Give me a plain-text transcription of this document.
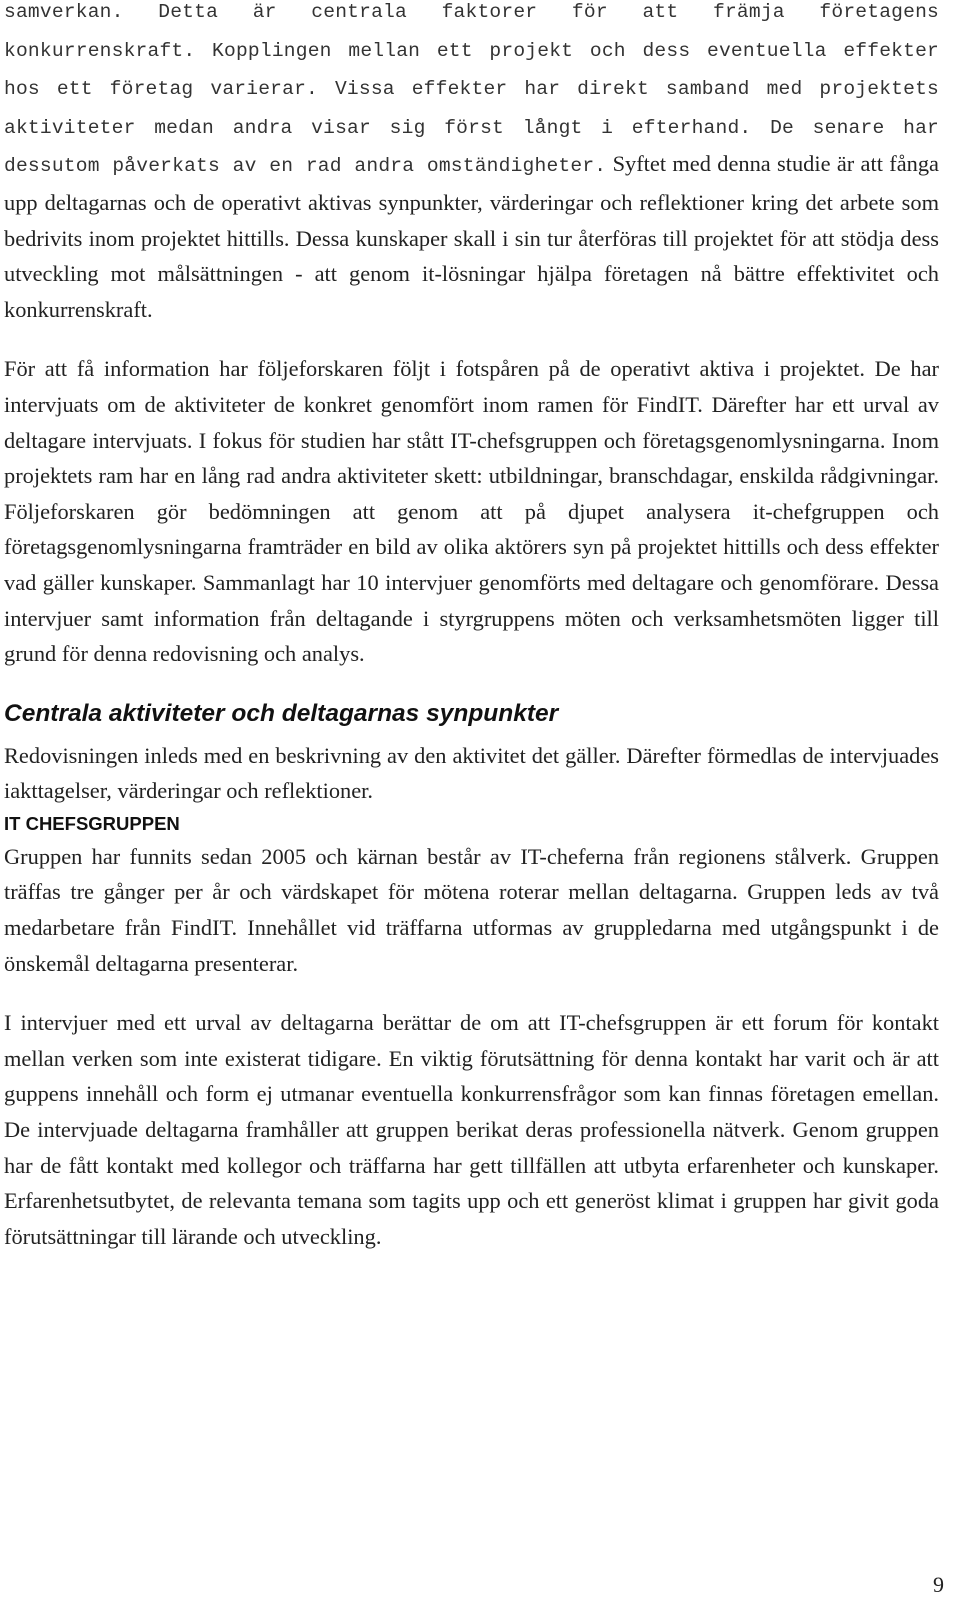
samverkan. Detta är centrala faktorer för att främja företagens konkurrenskraft. Kopplingen mellan ett projekt och dess eventuella effekter hos ett företag varierar. Vissa effekter har direkt samband med projektets aktiviteter medan andra visar sig först långt i efterhand. De senare har dessutom påverkats av en rad andra omständigheter. Syftet med denna studie är att fånga upp deltagarnas och de operativt aktivas synpunkter, värderingar och reflektioner kring det arbete som bedrivits inom projektet hittills. Dessa kunskaper skall i sin tur återföras till projektet för att stödja dess utveckling mot målsättningen - att genom it-lösningar hjälpa företagen nå bättre effektivitet och konkurrenskraft.

För att få information har följeforskaren följt i fotspåren på de operativt aktiva i projektet. De har intervjuats om de aktiviteter de konkret genomfört inom ramen för FindIT. Därefter har ett urval av deltagare intervjuats. I fokus för studien har stått IT-chefsgruppen och företagsgenomlysningarna. Inom projektets ram har en lång rad andra aktiviteter skett: utbildningar, branschdagar, enskilda rådgivningar. Följeforskaren gör bedömningen att genom att på djupet analysera it-chefgruppen och företagsgenomlysningarna framträder en bild av olika aktörers syn på projektet hittills och dess effekter vad gäller kunskaper. Sammanlagt har 10 intervjuer genomförts med deltagare och genomförare. Dessa intervjuer samt information från deltagande i styrgruppens möten och verksamhetsmöten ligger till grund för denna redovisning och analys.

Centrala aktiviteter och deltagarnas synpunkter

Redovisningen inleds med en beskrivning av den aktivitet det gäller. Därefter förmedlas de intervjuades iakttagelser, värderingar och reflektioner.

IT CHEFSGRUPPEN

Gruppen har funnits sedan 2005 och kärnan består av IT-cheferna från regionens stålverk. Gruppen träffas tre gånger per år och värdskapet för mötena roterar mellan deltagarna. Gruppen leds av två medarbetare från FindIT. Innehållet vid träffarna utformas av gruppledarna med utgångspunkt i de önskemål deltagarna presenterar.

I intervjuer med ett urval av deltagarna berättar de om att IT-chefsgruppen är ett forum för kontakt mellan verken som inte existerat tidigare. En viktig förutsättning för denna kontakt har varit och är att guppens innehåll och form ej utmanar eventuella konkurrensfrågor som kan finnas företagen emellan. De intervjuade deltagarna framhåller att gruppen berikat deras professionella nätverk. Genom gruppen har de fått kontakt med kollegor och träffarna har gett tillfällen att utbyta erfarenheter och kunskaper. Erfarenhetsutbytet, de relevanta temana som tagits upp och ett generöst klimat i gruppen har givit goda förutsättningar till lärande och utveckling.

9
